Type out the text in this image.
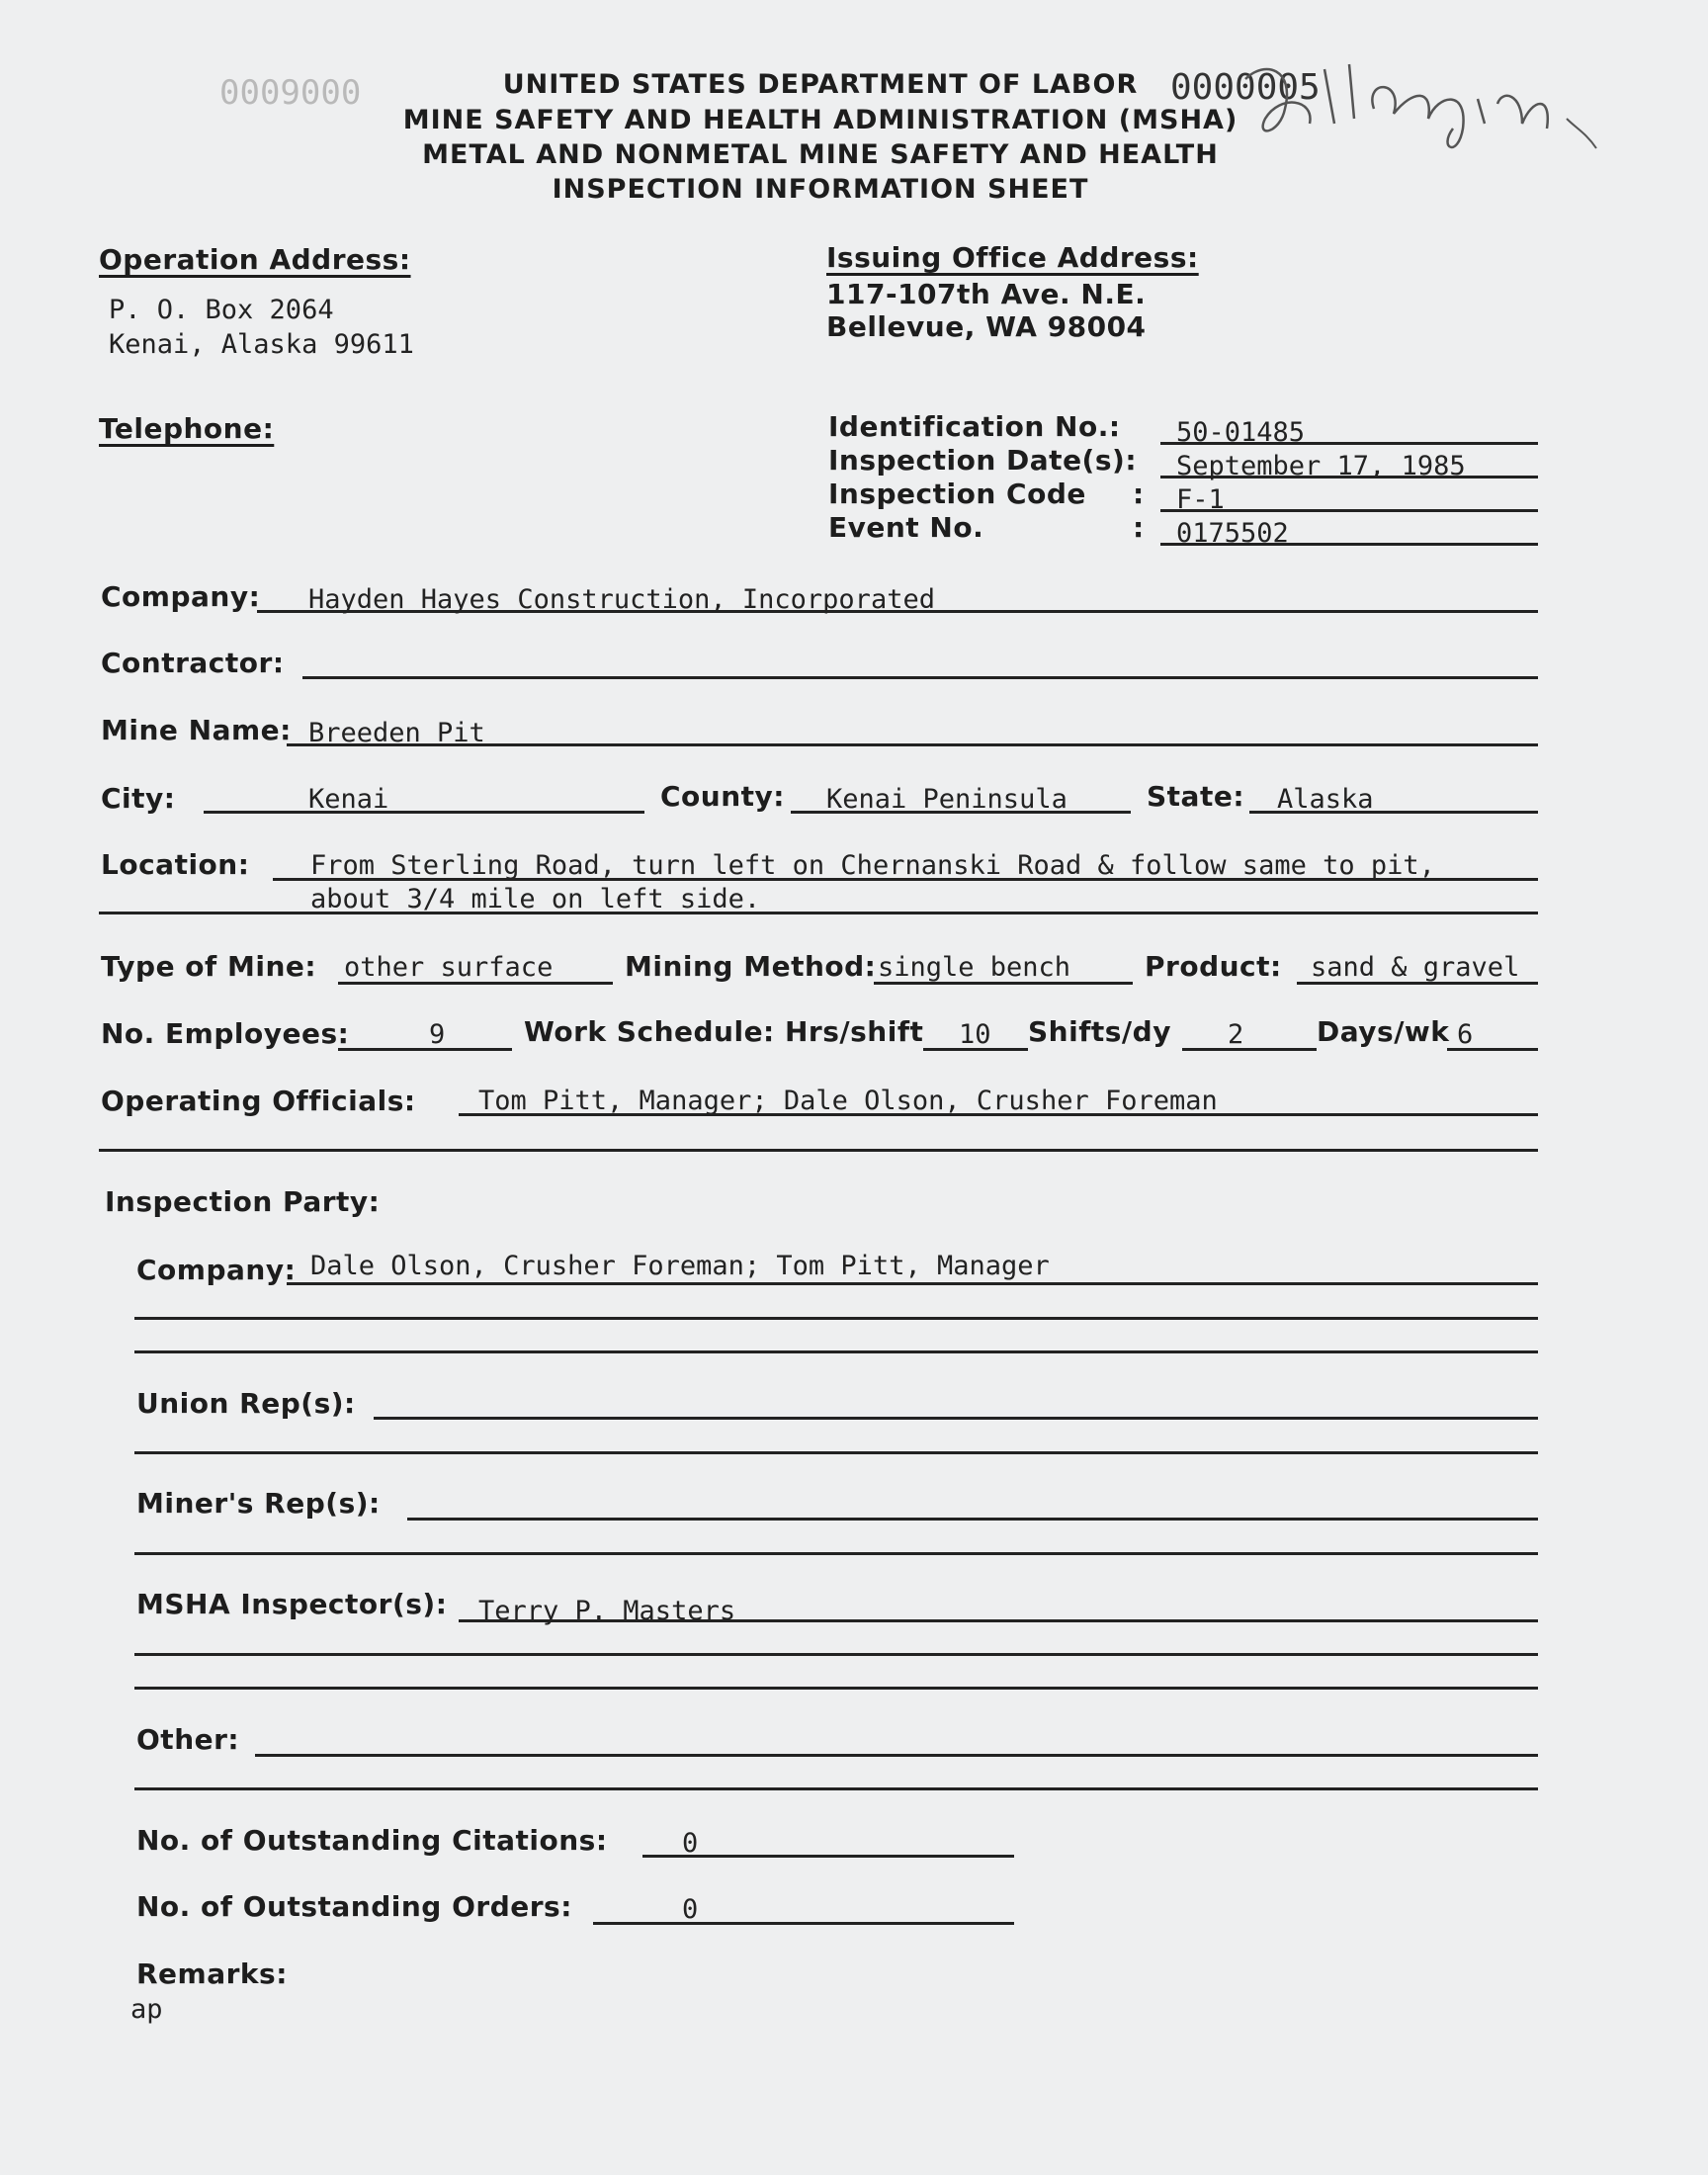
0009000	0000005
UNITED STATES DEPARTMENT OF LABOR
MINE SAFETY AND HEALTH ADMINISTRATION (MSHA)
METAL AND NONMETAL MINE SAFETY AND HEALTH
INSPECTION INFORMATION SHEET
Operation Address:
P. O. Box 2064
Kenai, Alaska 99611
Issuing Office Address:
117-107th Ave. N.E.
Bellevue, WA 98004
Telephone:	Identification No.: 50-01485
Inspection Date(s): September 17, 1985
Inspection Code : F-1
Event No.	: 0175502
Company: Hayden Hayes Construction, Incorporated
Contractor:
Mine Name: Breeden Pit
City:	Kenai	County: Kenai Peninsula	State: Alaska
Location: From Sterling Road, turn left on Chernanski Road & follow same to pit,
about 3/4 mile on left side.
Type of Mine: other surface	Mining Method: single bench	Product: sand & gravel
No. Employees:	9	Work Schedule: Hrs/shift 10 Shifts/dy 2	Days/wk 6
Operating Officials: Tom Pitt, Manager; Dale Olson, Crusher Foreman
Inspection Party:
Company: Dale Olson, Crusher Foreman; Tom Pitt, Manager
Union Rep(s):
Miner's Rep(s):
MSHA Inspector(s): Terry P. Masters
Other:
No. of Outstanding Citations:	0
No. of Outstanding Orders:	0
Remarks:
ap
